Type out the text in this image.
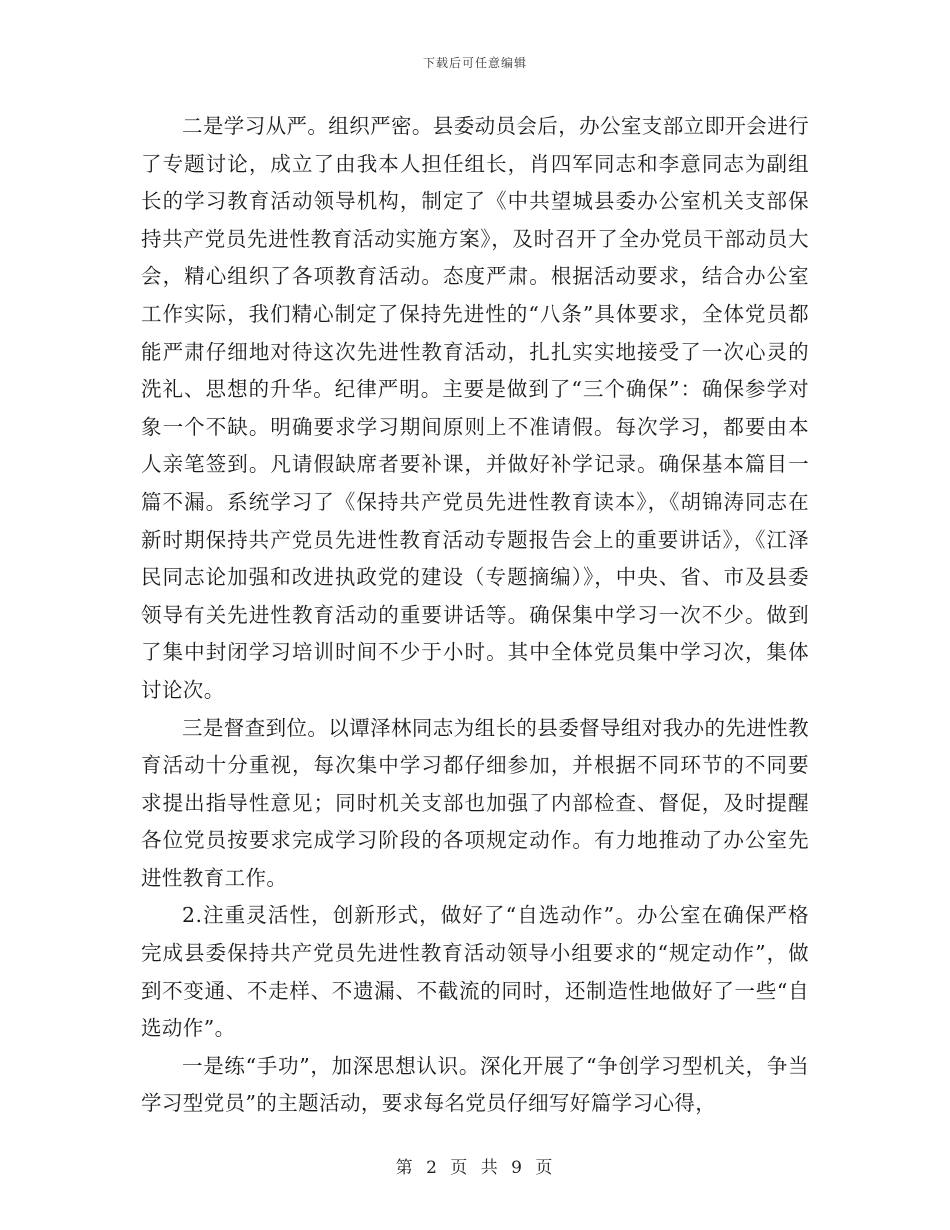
下载后可任意编辑

二是学习从严。组织严密。县委动员会后，办公室支部立即开会进行了专题讨论，成立了由我本人担任组长，肖四军同志和李意同志为副组长的学习教育活动领导机构，制定了《中共望城县委办公室机关支部保持共产党员先进性教育活动实施方案》，及时召开了全办党员干部动员大会，精心组织了各项教育活动。态度严肃。根据活动要求，结合办公室工作实际，我们精心制定了保持先进性的“八条”具体要求，全体党员都能严肃仔细地对待这次先进性教育活动，扎扎实实地接受了一次心灵的洗礼、思想的升华。纪律严明。主要是做到了“三个确保”：确保参学对象一个不缺。明确要求学习期间原则上不准请假。每次学习，都要由本人亲笔签到。凡请假缺席者要补课，并做好补学记录。确保基本篇目一篇不漏。系统学习了《保持共产党员先进性教育读本》，《胡锦涛同志在新时期保持共产党员先进性教育活动专题报告会上的重要讲话》，《江泽民同志论加强和改进执政党的建设（专题摘编）》，中央、省、市及县委领导有关先进性教育活动的重要讲话等。确保集中学习一次不少。做到了集中封闭学习培训时间不少于小时。其中全体党员集中学习次，集体讨论次。

三是督查到位。以谭泽林同志为组长的县委督导组对我办的先进性教育活动十分重视，每次集中学习都仔细参加，并根据不同环节的不同要求提出指导性意见；同时机关支部也加强了内部检查、督促，及时提醒各位党员按要求完成学习阶段的各项规定动作。有力地推动了办公室先进性教育工作。

2.注重灵活性，创新形式，做好了“自选动作”。办公室在确保严格完成县委保持共产党员先进性教育活动领导小组要求的“规定动作”，做到不变通、不走样、不遗漏、不截流的同时，还制造性地做好了一些“自选动作”。

一是练“手功”，加深思想认识。深化开展了“争创学习型机关，争当学习型党员”的主题活动，要求每名党员仔细写好篇学习心得，

第 2 页 共 9 页
